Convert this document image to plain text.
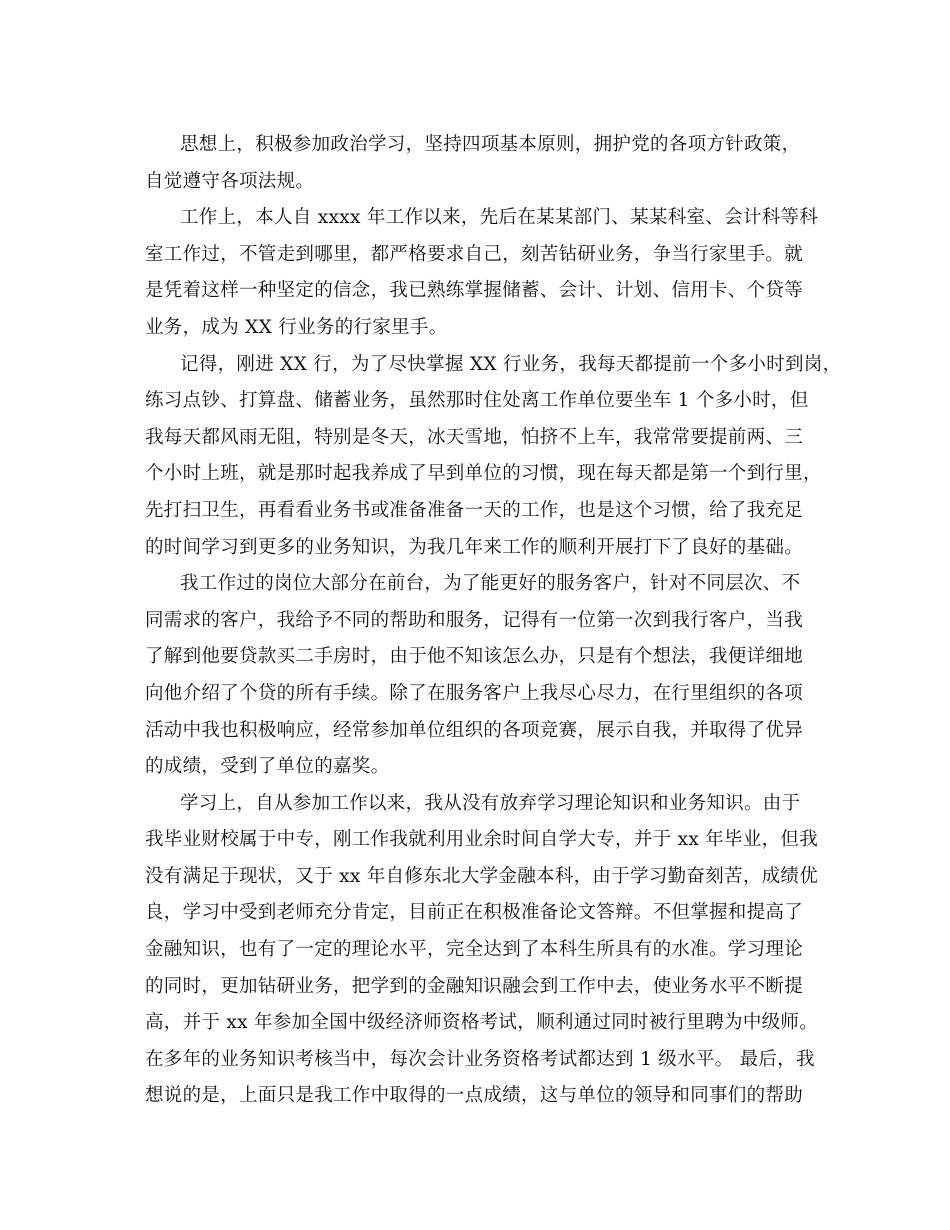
思想上，积极参加政治学习，坚持四项基本原则，拥护党的各项方针政策，
自觉遵守各项法规。
工作上，本人自 xxxx 年工作以来，先后在某某部门、某某科室、会计科等科
室工作过，不管走到哪里，都严格要求自己，刻苦钻研业务，争当行家里手。就
是凭着这样一种坚定的信念，我已熟练掌握储蓄、会计、计划、信用卡、个贷等
业务，成为 XX 行业务的行家里手。
记得，刚进 XX 行，为了尽快掌握 XX 行业务，我每天都提前一个多小时到岗，
练习点钞、打算盘、储蓄业务，虽然那时住处离工作单位要坐车 1 个多小时，但
我每天都风雨无阻，特别是冬天，冰天雪地，怕挤不上车，我常常要提前两、三
个小时上班，就是那时起我养成了早到单位的习惯，现在每天都是第一个到行里，
先打扫卫生，再看看业务书或准备准备一天的工作，也是这个习惯，给了我充足
的时间学习到更多的业务知识，为我几年来工作的顺利开展打下了良好的基础。
我工作过的岗位大部分在前台，为了能更好的服务客户，针对不同层次、不
同需求的客户，我给予不同的帮助和服务，记得有一位第一次到我行客户，当我
了解到他要贷款买二手房时，由于他不知该怎么办，只是有个想法，我便详细地
向他介绍了个贷的所有手续。除了在服务客户上我尽心尽力，在行里组织的各项
活动中我也积极响应，经常参加单位组织的各项竞赛，展示自我，并取得了优异
的成绩，受到了单位的嘉奖。
学习上，自从参加工作以来，我从没有放弃学习理论知识和业务知识。由于
我毕业财校属于中专，刚工作我就利用业余时间自学大专，并于 xx 年毕业，但我
没有满足于现状，又于 xx 年自修东北大学金融本科，由于学习勤奋刻苦，成绩优
良，学习中受到老师充分肯定，目前正在积极准备论文答辩。不但掌握和提高了
金融知识，也有了一定的理论水平，完全达到了本科生所具有的水准。学习理论
的同时，更加钻研业务，把学到的金融知识融会到工作中去，使业务水平不断提
高，并于 xx 年参加全国中级经济师资格考试，顺利通过同时被行里聘为中级师。
在多年的业务知识考核当中，每次会计业务资格考试都达到 1 级水平。 最后，我
想说的是，上面只是我工作中取得的一点成绩，这与单位的领导和同事们的帮助
